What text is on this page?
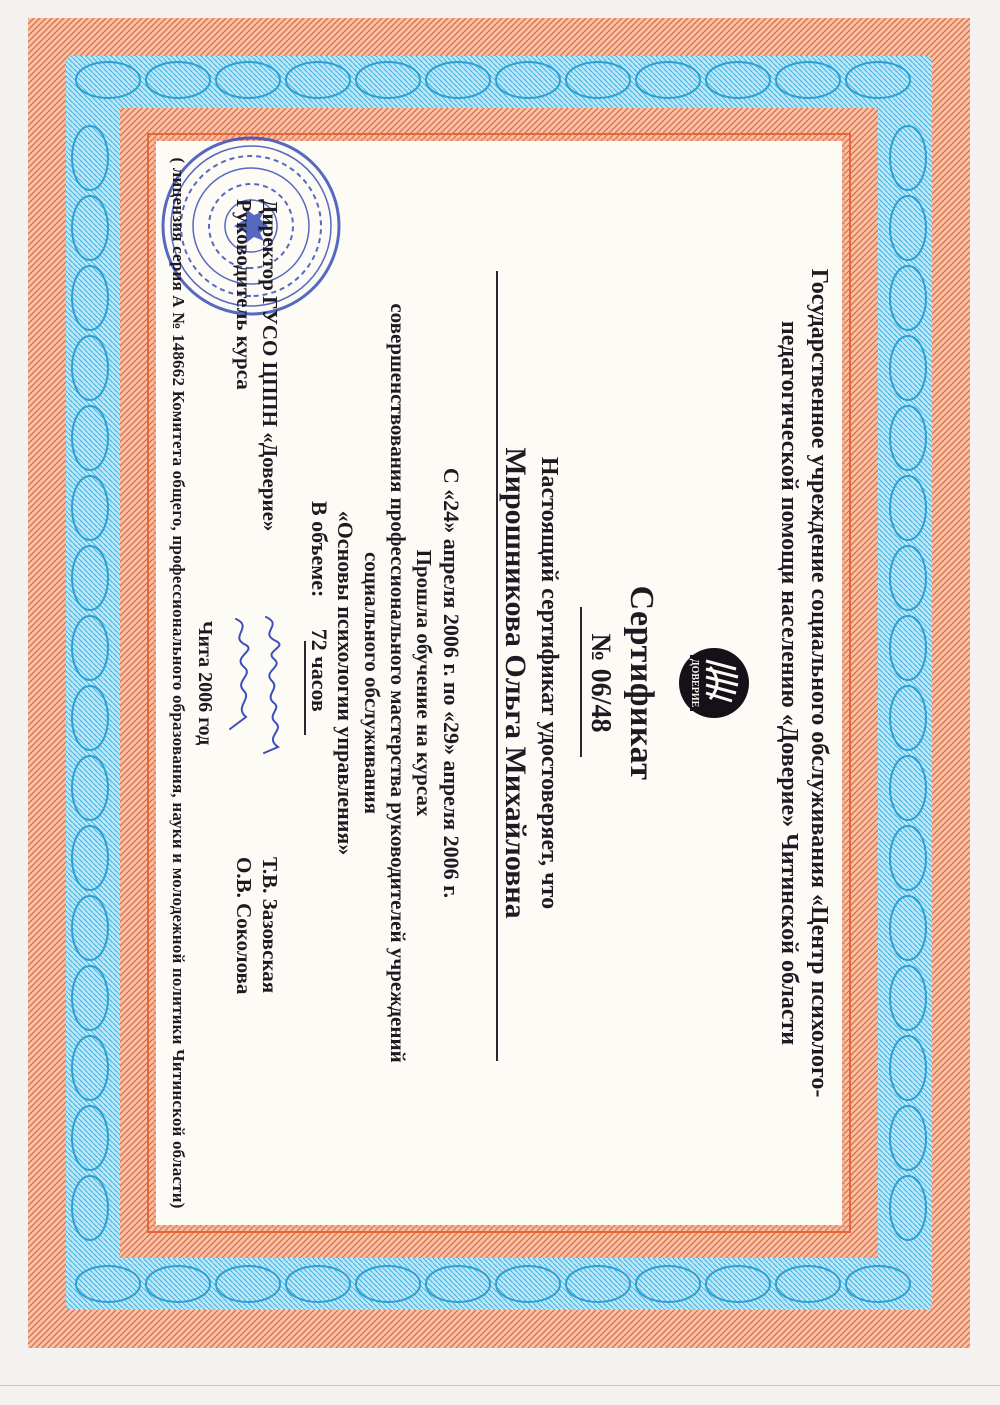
Государственное учреждение социального обслуживания «Центр психолого-
педагогической помощи населению «Доверие» Читинской области
ДОВЕРИЕ
Сертификат
№ 06/48
Настоящий сертификат удостоверяет, что
Мирошникова Ольга Михайловна
С «24» апреля 2006 г. по «29» апреля 2006 г.
Прошла обучение на курсах
совершенствования профессионального мастерства руководителей учреждений
социального обслуживания
«Основы психологии управления»
В объеме: 72 часов
Директор ГУСО ЦППН «Доверие»
Руководитель курса
Т.В. Зазовская
О.В. Соколова
Чита 2006 год
( лицензия серия А № 148662 Комитета общего, профессионального образования, науки и молодежной политики Читинской области)
